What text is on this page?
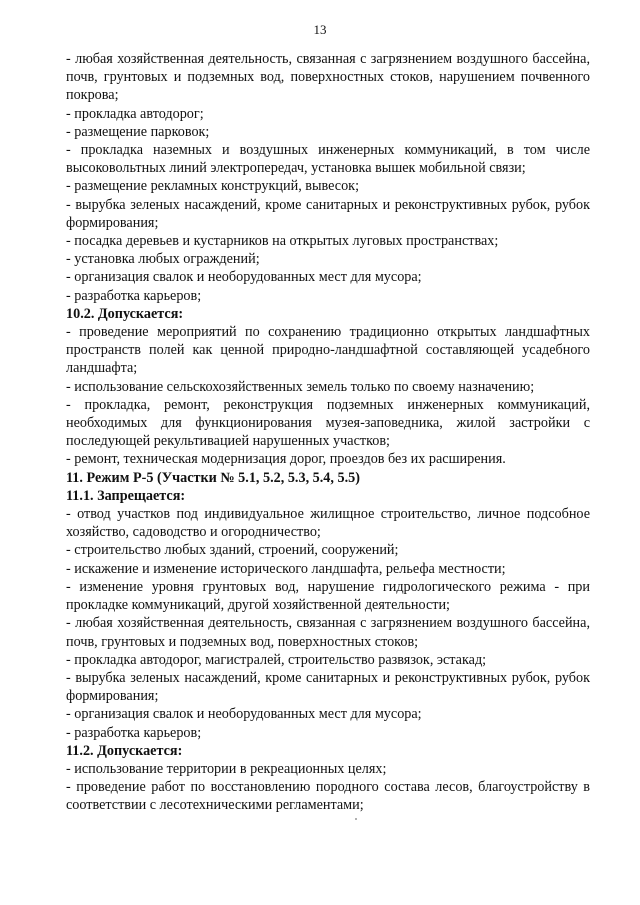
13

- любая хозяйственная деятельность, связанная с загрязнением воздушного бассейна, почв, грунтовых и подземных вод, поверхностных стоков, нарушением почвенного покрова;

- прокладка автодорог;

- размещение парковок;

- прокладка наземных и воздушных инженерных коммуникаций, в том числе высоковольтных линий электропередач, установка вышек мобильной связи;

- размещение рекламных конструкций, вывесок;

- вырубка зеленых насаждений, кроме санитарных и реконструктивных рубок, рубок формирования;

- посадка деревьев и кустарников на открытых луговых пространствах;

- установка любых ограждений;

- организация свалок и необорудованных мест для мусора;

- разработка карьеров;

10.2. Допускается:

- проведение мероприятий по сохранению традиционно открытых ландшафтных пространств полей как ценной природно-ландшафтной составляющей усадебного ландшафта;

- использование сельскохозяйственных земель только по своему назначению;

- прокладка, ремонт, реконструкция подземных инженерных коммуникаций, необходимых для функционирования музея-заповедника, жилой застройки с последующей рекультивацией нарушенных участков;

- ремонт, техническая модернизация дорог, проездов без их расширения.

11. Режим Р-5 (Участки № 5.1, 5.2, 5.3, 5.4, 5.5)

11.1. Запрещается:

- отвод участков под индивидуальное жилищное строительство, личное подсобное хозяйство, садоводство и огородничество;

- строительство любых зданий, строений, сооружений;

- искажение и изменение исторического ландшафта, рельефа местности;

- изменение уровня грунтовых вод, нарушение гидрологического режима - при прокладке коммуникаций, другой хозяйственной деятельности;

- любая хозяйственная деятельность, связанная с загрязнением воздушного бассейна, почв, грунтовых и подземных вод, поверхностных стоков;

- прокладка автодорог, магистралей, строительство развязок, эстакад;

- вырубка зеленых насаждений, кроме санитарных и реконструктивных рубок, рубок формирования;

- организация свалок и необорудованных мест для мусора;

- разработка карьеров;

11.2. Допускается:

- использование территории в рекреационных целях;

- проведение работ по восстановлению породного состава лесов, благоустройству в соответствии с лесотехническими регламентами;
